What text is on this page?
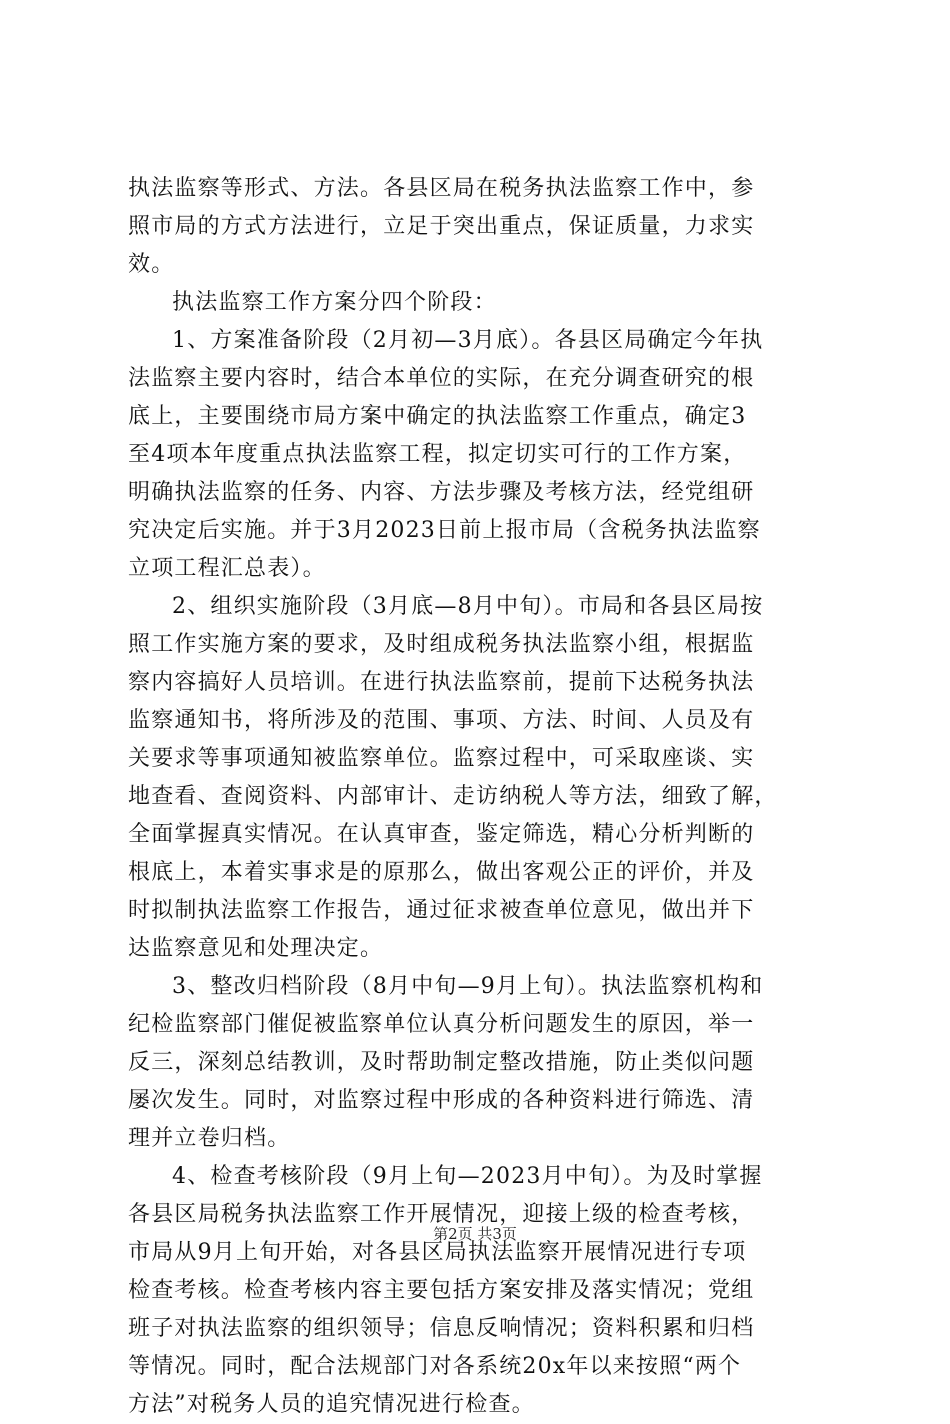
执法监察等形式、方法。各县区局在税务执法监察工作中，参
照市局的方式方法进行，立足于突出重点，保证质量，力求实
效。
执法监察工作方案分四个阶段：
1、方案准备阶段（2月初—3月底）。各县区局确定今年执
法监察主要内容时，结合本单位的实际，在充分调查研究的根
底上，主要围绕市局方案中确定的执法监察工作重点，确定3
至4项本年度重点执法监察工程，拟定切实可行的工作方案，
明确执法监察的任务、内容、方法步骤及考核方法，经党组研
究决定后实施。并于3月2023日前上报市局（含税务执法监察
立项工程汇总表）。
2、组织实施阶段（3月底—8月中旬）。市局和各县区局按
照工作实施方案的要求，及时组成税务执法监察小组，根据监
察内容搞好人员培训。在进行执法监察前，提前下达税务执法
监察通知书，将所涉及的范围、事项、方法、时间、人员及有
关要求等事项通知被监察单位。监察过程中，可采取座谈、实
地查看、查阅资料、内部审计、走访纳税人等方法，细致了解，
全面掌握真实情况。在认真审查，鉴定筛选，精心分析判断的
根底上，本着实事求是的原那么，做出客观公正的评价，并及
时拟制执法监察工作报告，通过征求被查单位意见，做出并下
达监察意见和处理决定。
3、整改归档阶段（8月中旬—9月上旬）。执法监察机构和
纪检监察部门催促被监察单位认真分析问题发生的原因，举一
反三，深刻总结教训，及时帮助制定整改措施，防止类似问题
屡次发生。同时，对监察过程中形成的各种资料进行筛选、清
理并立卷归档。
4、检查考核阶段（9月上旬—2023月中旬）。为及时掌握
各县区局税务执法监察工作开展情况，迎接上级的检查考核，
市局从9月上旬开始，对各县区局执法监察开展情况进行专项
检查考核。检查考核内容主要包括方案安排及落实情况；党组
班子对执法监察的组织领导；信息反响情况；资料积累和归档
等情况。同时，配合法规部门对各系统20x年以来按照“两个
方法”对税务人员的追究情况进行检查。
第2页 共3页
